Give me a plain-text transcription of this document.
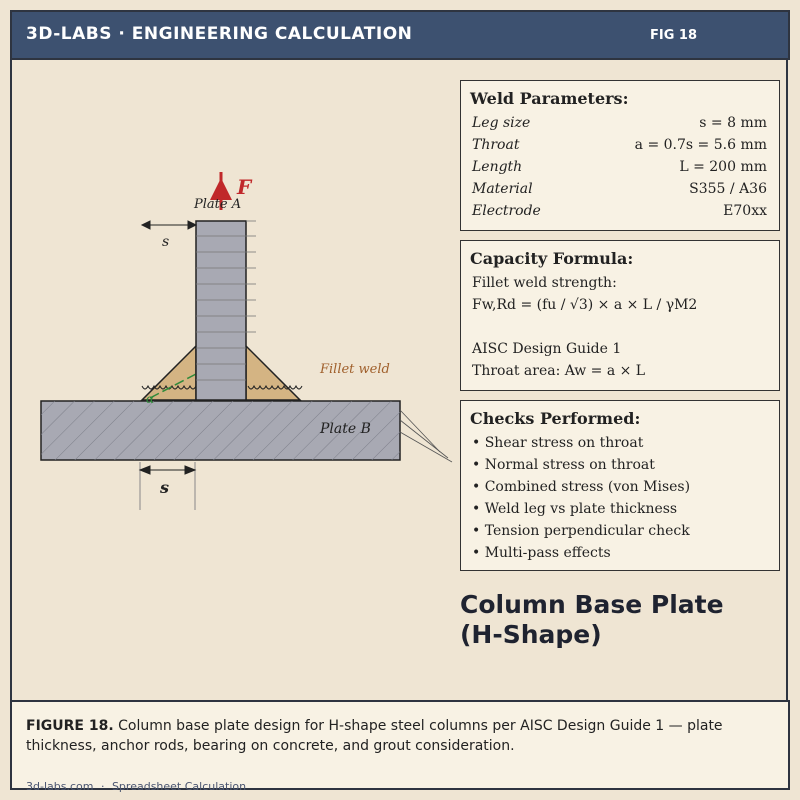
3D-LABS · ENGINEERING CALCULATION	FIG 18
α
F
Plate A
s
Fillet weld
Plate B
s
Weld Parameters:
Leg size	s = 8 mm
Throat	a = 0.7s = 5.6 mm
Length	L = 200 mm
Material	S355 / A36
Electrode	E70xx
Capacity Formula:
Fillet weld strength:
Fw,Rd = (fu / √3) × a × L / γM2
AISC Design Guide 1
Throat area: Aw = a × L
Checks Performed:
• Shear stress on throat
• Normal stress on throat
• Combined stress (von Mises)
• Weld leg vs plate thickness
• Tension perpendicular check
• Multi-pass effects
Column Base Plate
(H-Shape)
FIGURE 18. Column base plate design for H-shape steel columns per AISC Design Guide 1 — plate thickness, anchor rods, bearing on concrete, and grout consideration.
3d-labs.com · Spreadsheet Calculation
